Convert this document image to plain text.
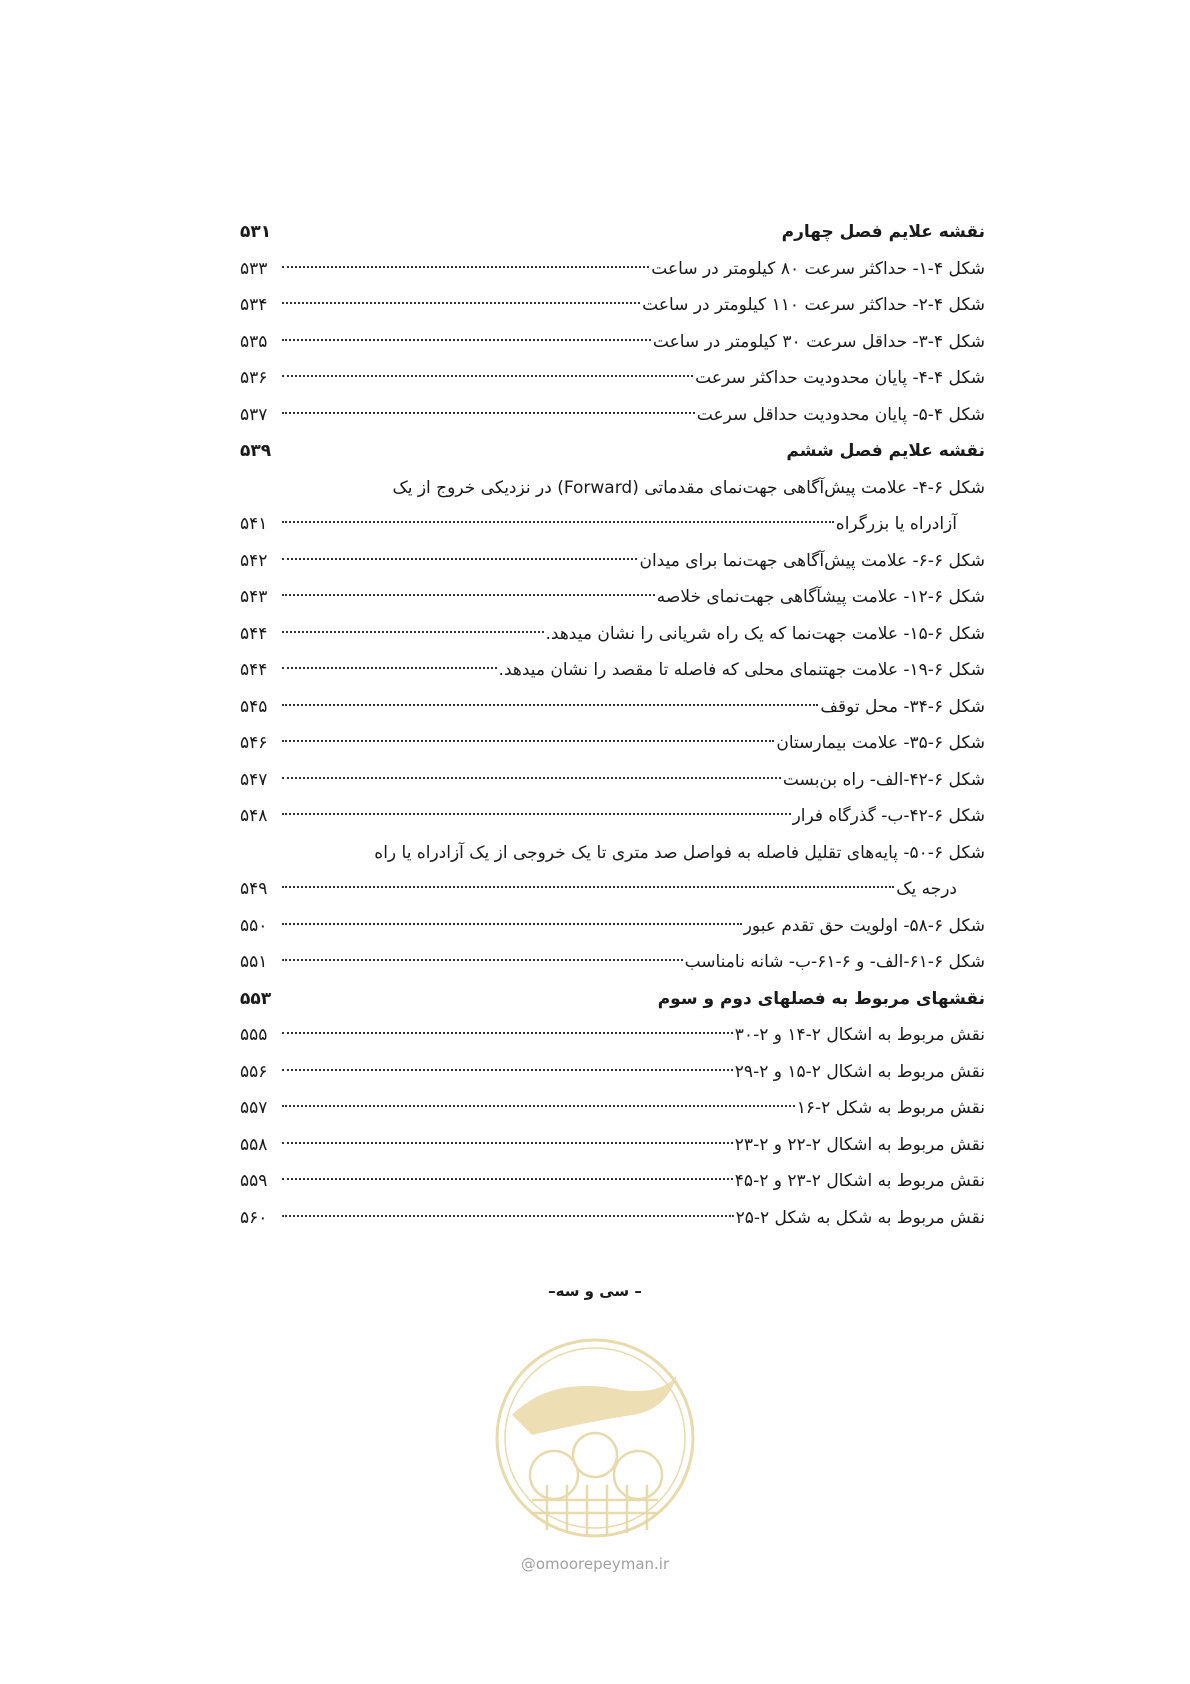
نقشه علایم فصل چهارم
۵۳۱
شکل ۴-۱- حداکثر سرعت ۸۰ کیلومتر در ساعت
۵۳۳
شکل ۴-۲- حداکثر سرعت ۱۱۰ کیلومتر در ساعت
۵۳۴
شکل ۴-۳- حداقل سرعت ۳۰ کیلومتر در ساعت
۵۳۵
شکل ۴-۴- پایان محدودیت حداکثر سرعت
۵۳۶
شکل ۴-۵- پایان محدودیت حداقل سرعت
۵۳۷
نقشه علایم فصل ششم
۵۳۹
شکل ۶-۴- علامت پیش‌آگاهی جهت‌نمای مقدماتی (Forward) در نزدیکی خروج از یک
آزادراه یا بزرگراه
۵۴۱
شکل ۶-۶- علامت پیش‌آگاهی جهت‌نما برای میدان
۵۴۲
شکل ۶-۱۲- علامت پیشآگاهی جهت‌نمای خلاصه
۵۴۳
شکل ۶-۱۵- علامت جهت‌نما که یک راه شریانی را نشان میدهد.
۵۴۴
شکل ۶-۱۹- علامت جهتنمای محلی که فاصله تا مقصد را نشان میدهد.
۵۴۴
شکل ۶-۳۴- محل توقف
۵۴۵
شکل ۶-۳۵- علامت بیمارستان
۵۴۶
شکل ۶-۴۲-الف- راه بن‌بست
۵۴۷
شکل ۶-۴۲-ب- گذرگاه فرار
۵۴۸
شکل ۶-۵۰- پایه‌های تقلیل فاصله به فواصل صد متری تا یک خروجی از یک آزادراه یا راه
درجه یک
۵۴۹
شکل ۶-۵۸- اولویت حق تقدم عبور
۵۵۰
شکل ۶-۶۱-الف- و ۶-۶۱-ب- شانه نامناسب
۵۵۱
نقشهای مربوط به فصلهای دوم و سوم
۵۵۳
نقش مربوط به اشکال ۲-۱۴ و ۲-۳۰
۵۵۵
نقش مربوط به اشکال ۲-۱۵ و ۲-۲۹
۵۵۶
نقش مربوط به شکل ۲-۱۶
۵۵۷
نقش مربوط به اشکال ۲-۲۲ و ۲-۲۳
۵۵۸
نقش مربوط به اشکال ۲-۲۳ و ۲-۴۵
۵۵۹
نقش مربوط به شکل به شکل ۲-۲۵
۵۶۰
– سی و سه–
@omoorepeyman.ir
